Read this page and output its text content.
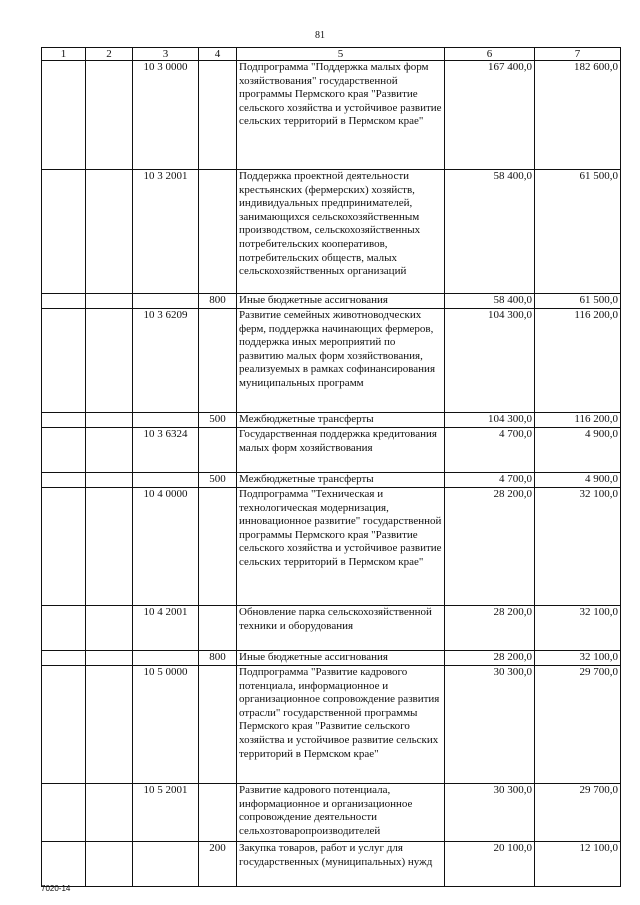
81
1	2	3	4	5	6	7
		10 3 0000		Подпрограмма "Поддержка малых форм хозяйствования" государственной программы Пермского края "Развитие сельского хозяйства и устойчивое развитие сельских территорий в Пермском крае"	167 400,0	182 600,0
		10 3 2001		Поддержка проектной деятельности крестьянских (фермерских) хозяйств, индивидуальных предпринимателей, занимающихся сельскохозяйственным производством, сельскохозяйственных потребительских кооперативов, потребительских обществ, малых сельскохозяйственных организаций	58 400,0	61 500,0
			800	Иные бюджетные ассигнования	58 400,0	61 500,0
		10 3 6209		Развитие семейных животноводческих ферм, поддержка начинающих фермеров, поддержка иных мероприятий по развитию малых форм хозяйствования, реализуемых в рамках софинансирования муниципальных программ	104 300,0	116 200,0
			500	Межбюджетные трансферты	104 300,0	116 200,0
		10 3 6324		Государственная поддержка кредитования малых форм хозяйствования	4 700,0	4 900,0
			500	Межбюджетные трансферты	4 700,0	4 900,0
		10 4 0000		Подпрограмма "Техническая и технологическая модернизация, инновационное развитие" государственной программы Пермского края "Развитие сельского хозяйства и устойчивое развитие сельских территорий в Пермском крае"	28 200,0	32 100,0
		10 4 2001		Обновление парка сельскохозяйственной техники и оборудования	28 200,0	32 100,0
			800	Иные бюджетные ассигнования	28 200,0	32 100,0
		10 5 0000		Подпрограмма "Развитие кадрового потенциала, информационное и организационное сопровождение развития отрасли" государственной программы Пермского края "Развитие сельского хозяйства и устойчивое развитие сельских территорий в Пермском крае"	30 300,0	29 700,0
		10 5 2001		Развитие кадрового потенциала, информационное и организационное сопровождение деятельности сельхозтоваропроизводителей	30 300,0	29 700,0
			200	Закупка товаров, работ и услуг для государственных (муниципальных) нужд	20 100,0	12 100,0
7020-14
